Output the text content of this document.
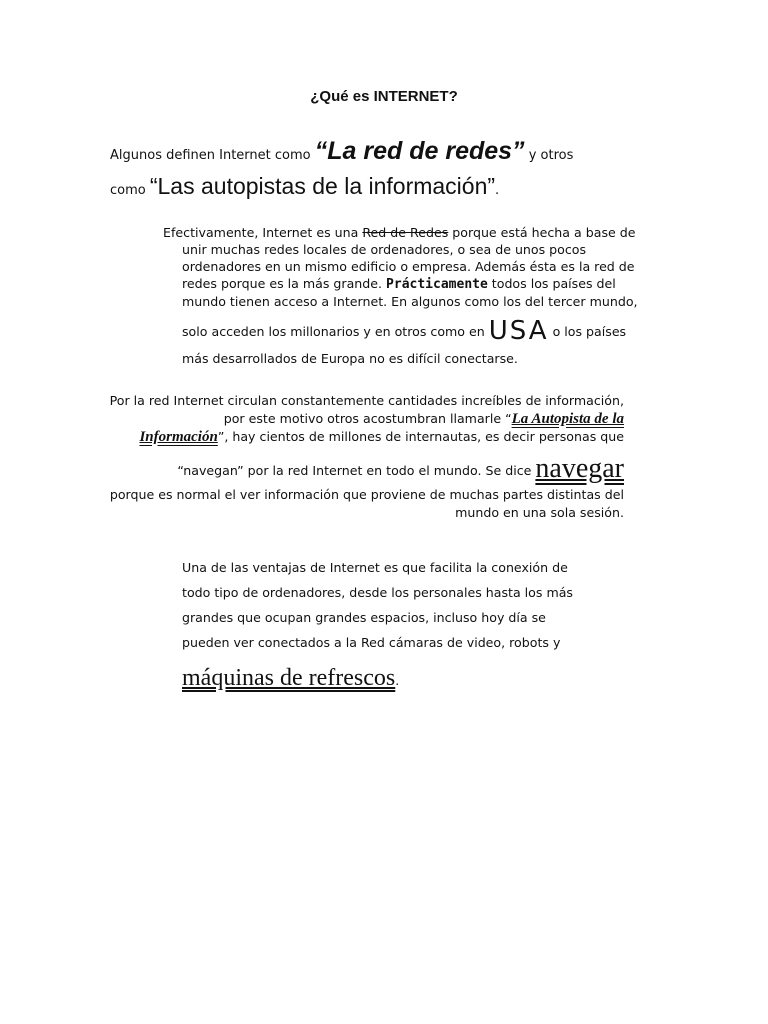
¿Qué es INTERNET?
Algunos definen Internet como “La red de redes” y otros
como “Las autopistas de la información”.
Efectivamente, Internet es una Red de Redes porque está hecha a base de
unir muchas redes locales de ordenadores, o sea de unos pocos
ordenadores en un mismo edificio o empresa. Además ésta es la red de
redes porque es la más grande. Prácticamente todos los países del
mundo tienen acceso a Internet. En algunos como los del tercer mundo,
solo acceden los millonarios y en otros como en USA o los países
más desarrollados de Europa no es difícil conectarse.
Por la red Internet circulan constantemente cantidades increíbles de información,
por este motivo otros acostumbran llamarle “La Autopista de la
Información”, hay cientos de millones de internautas, es decir personas que
“navegan” por la red Internet en todo el mundo. Se dice navegar
porque es normal el ver información que proviene de muchas partes distintas del
mundo en una sola sesión.
Una de las ventajas de Internet es que facilita la conexión de
todo tipo de ordenadores, desde los personales hasta los más
grandes que ocupan grandes espacios, incluso hoy día se
pueden ver conectados a la Red cámaras de video, robots y
máquinas de refrescos.
